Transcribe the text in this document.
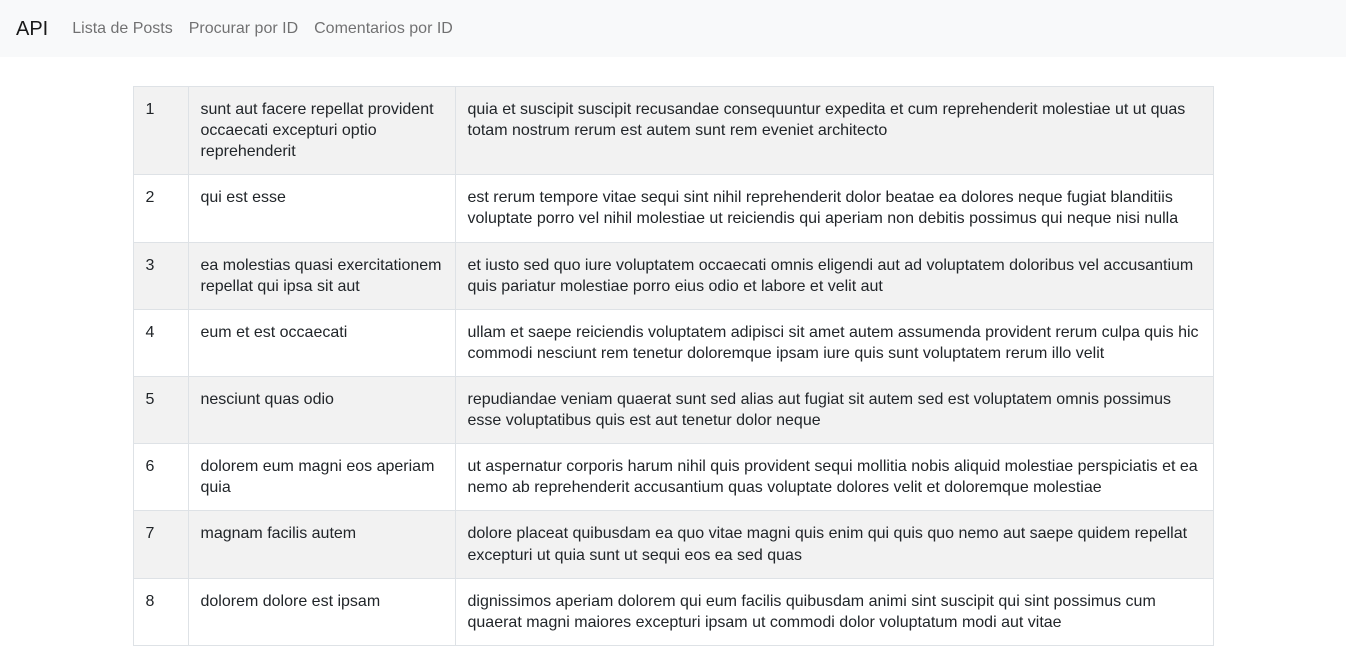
API	Lista de Posts	Procurar por ID	Comentarios por ID
1	sunt aut facere repellat provident occaecati excepturi optio reprehenderit	quia et suscipit suscipit recusandae consequuntur expedita et cum reprehenderit molestiae ut ut quas totam nostrum rerum est autem sunt rem eveniet architecto
2	qui est esse	est rerum tempore vitae sequi sint nihil reprehenderit dolor beatae ea dolores neque fugiat blanditiis voluptate porro vel nihil molestiae ut reiciendis qui aperiam non debitis possimus qui neque nisi nulla
3	ea molestias quasi exercitationem repellat qui ipsa sit aut	et iusto sed quo iure voluptatem occaecati omnis eligendi aut ad voluptatem doloribus vel accusantium quis pariatur molestiae porro eius odio et labore et velit aut
4	eum et est occaecati	ullam et saepe reiciendis voluptatem adipisci sit amet autem assumenda provident rerum culpa quis hic commodi nesciunt rem tenetur doloremque ipsam iure quis sunt voluptatem rerum illo velit
5	nesciunt quas odio	repudiandae veniam quaerat sunt sed alias aut fugiat sit autem sed est voluptatem omnis possimus esse voluptatibus quis est aut tenetur dolor neque
6	dolorem eum magni eos aperiam quia	ut aspernatur corporis harum nihil quis provident sequi mollitia nobis aliquid molestiae perspiciatis et ea nemo ab reprehenderit accusantium quas voluptate dolores velit et doloremque molestiae
7	magnam facilis autem	dolore placeat quibusdam ea quo vitae magni quis enim qui quis quo nemo aut saepe quidem repellat excepturi ut quia sunt ut sequi eos ea sed quas
8	dolorem dolore est ipsam	dignissimos aperiam dolorem qui eum facilis quibusdam animi sint suscipit qui sint possimus cum quaerat magni maiores excepturi ipsam ut commodi dolor voluptatum modi aut vitae
